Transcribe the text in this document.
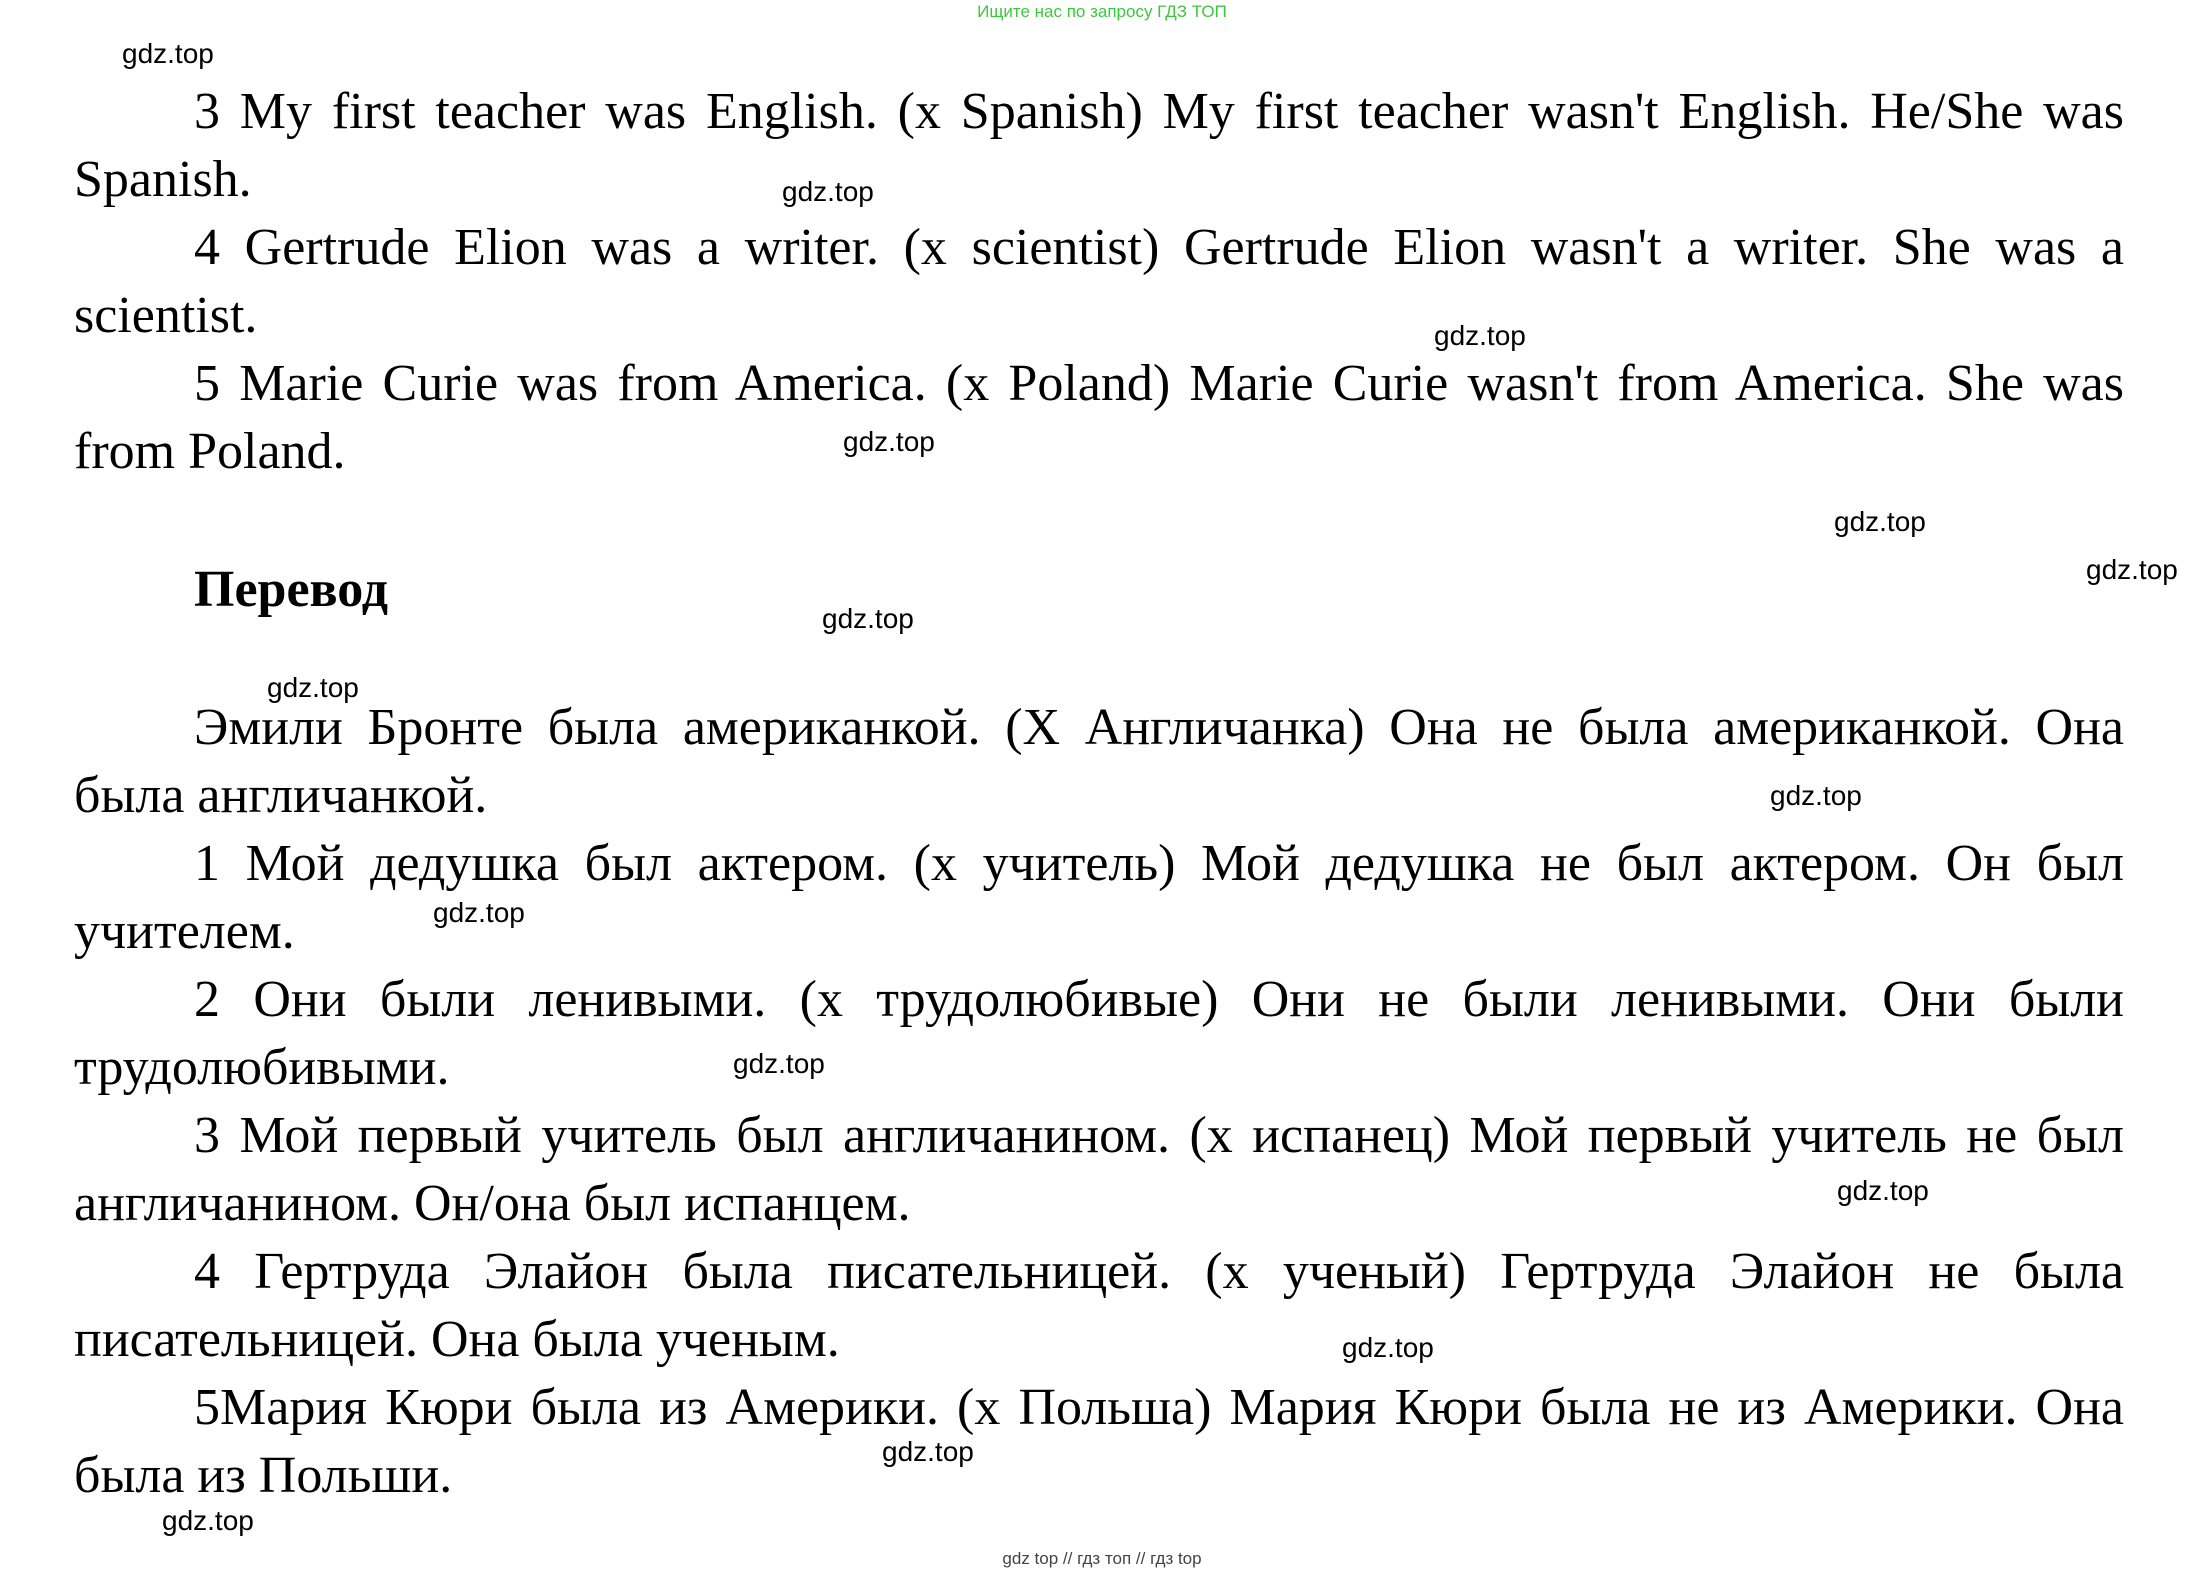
Ищите нас по запросу ГДЗ ТОП

3 My first teacher was English. (x Spanish) My first teacher wasn't English. He/She was Spanish.

4 Gertrude Elion was a writer. (x scientist) Gertrude Elion wasn't a writer. She was a scientist.

5 Marie Curie was from America. (x Poland) Marie Curie wasn't from America. She was from Poland.

Перевод

Эмили Бронте была американкой. (X Англичанка) Она не была американкой. Она была англичанкой.

1 Мой дедушка был актером. (x учитель) Мой дедушка не был актером. Он был учителем.

2 Они были ленивыми. (х трудолюбивые) Они не были ленивыми. Они были трудолюбивыми.

3 Мой первый учитель был англичанином. (х испанец) Мой первый учитель не был англичанином. Он/она был испанцем.

4 Гертруда Элайон была писательницей. (х ученый) Гертруда Элайон не была писательницей. Она была ученым.

5Мария Кюри была из Америки. (х Польша) Мария Кюри была не из Америки. Она была из Польши.

gdz.top
gdz.top
gdz.top
gdz.top
gdz.top
gdz.top
gdz.top
gdz.top
gdz.top
gdz.top
gdz.top
gdz.top
gdz.top
gdz.top
gdz.top
gdz top // гдз топ // гдз top
